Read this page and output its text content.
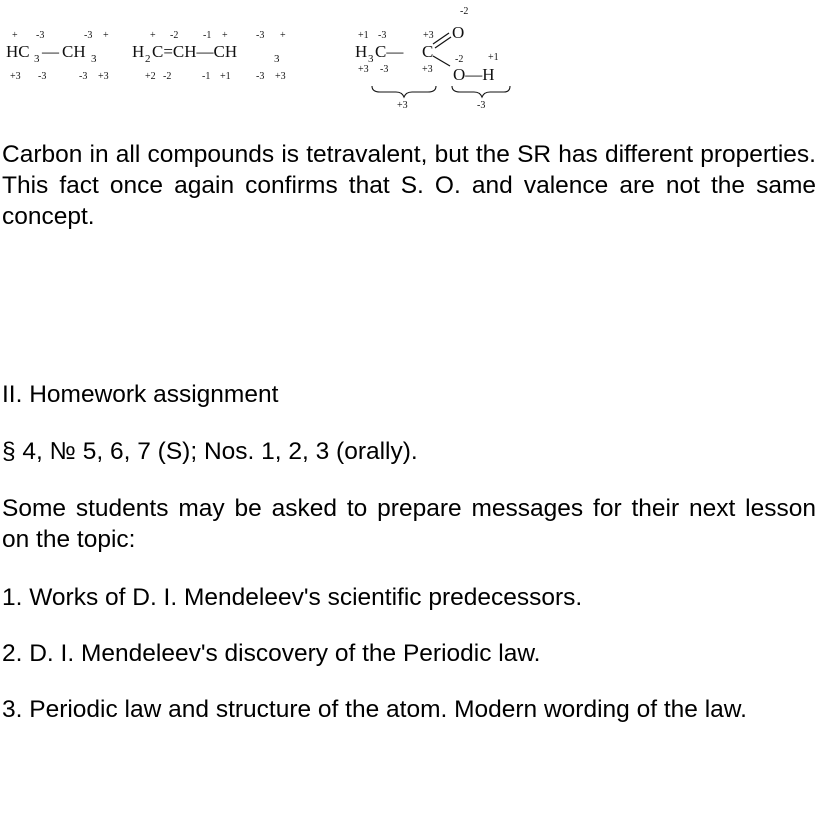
+ -3	-3 +
HC 3 — CH 3
+3 -3	-3 +3
+ -2 -1 +	-3 +
H 2 C=CH—CH	3
+2 -2	-1 +1	-3 +3
+1 -3	+3
-2
H 3 C— C
O
-2 +1
O—H
+3 -3	+3
+3	-3

Carbon in all compounds is tetravalent, but the SR has different properties. This fact once again confirms that S. O. and valence are not the same concept.

II. Homework assignment

§ 4, № 5, 6, 7 (S); Nos. 1, 2, 3 (orally).

Some students may be asked to prepare messages for their next lesson on the topic:

1. Works of D. I. Mendeleev's scientific predecessors.

2. D. I. Mendeleev's discovery of the Periodic law.

3. Periodic law and structure of the atom. Modern wording of the law.
